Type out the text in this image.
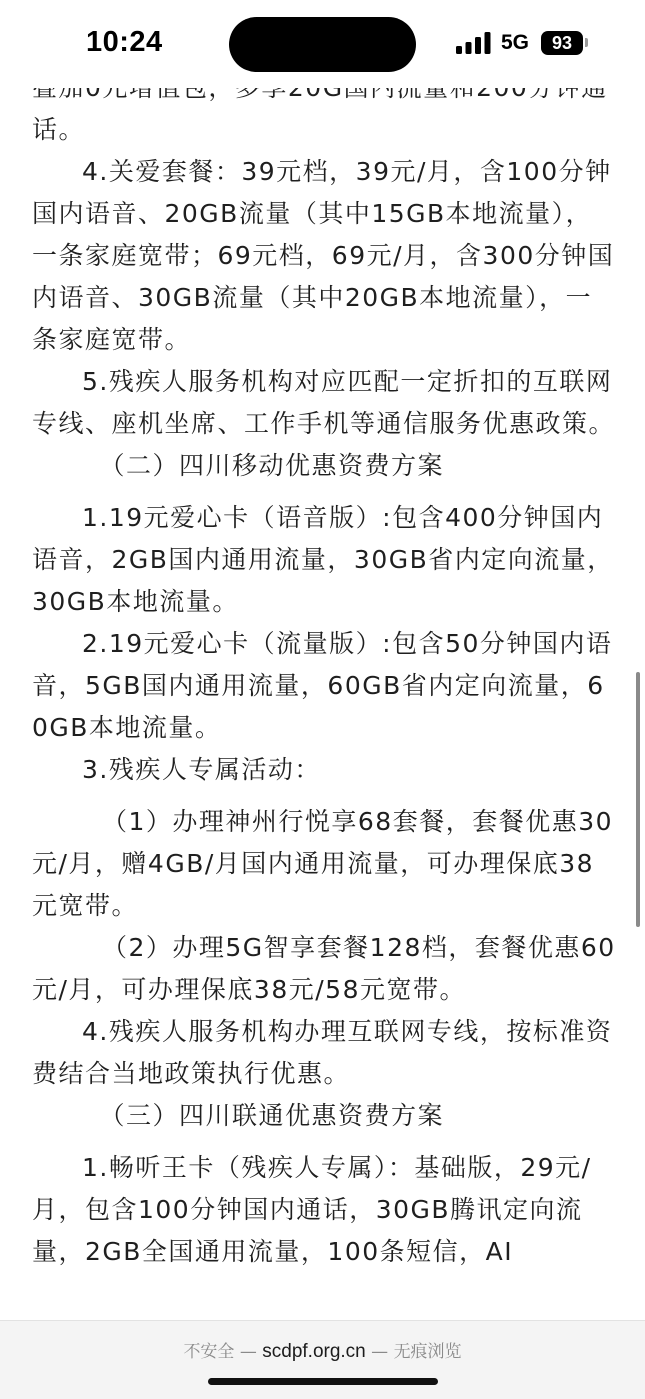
话。

4.关爱套餐：39元档，39元/月，含100分钟国内语音、20GB流量（其中15GB本地流量），一条家庭宽带；69元档，69元/月，含300分钟国内语音、30GB流量（其中20GB本地流量），一条家庭宽带。

5.残疾人服务机构对应匹配一定折扣的互联网专线、座机坐席、工作手机等通信服务优惠政策。

（二）四川移动优惠资费方案

1.19元爱心卡（语音版）:包含400分钟国内语音，2GB国内通用流量，30GB省内定向流量，30GB本地流量。

2.19元爱心卡（流量版）:包含50分钟国内语音，5GB国内通用流量，60GB省内定向流量，60GB本地流量。

3.残疾人专属活动：

（1）办理神州行悦享68套餐，套餐优惠30元/月，赠4GB/月国内通用流量，可办理保底38元宽带。

（2）办理5G智享套餐128档，套餐优惠60元/月，可办理保底38元/58元宽带。

4.残疾人服务机构办理互联网专线，按标准资费结合当地政策执行优惠。

（三）四川联通优惠资费方案

1.畅听王卡（残疾人专属）：基础版，29元/月，包含100分钟国内通话，30GB腾讯定向流量，2GB全国通用流量，100条短信，AI

10:24	5G	93
不安全 — scdpf.org.cn — 无痕浏览
